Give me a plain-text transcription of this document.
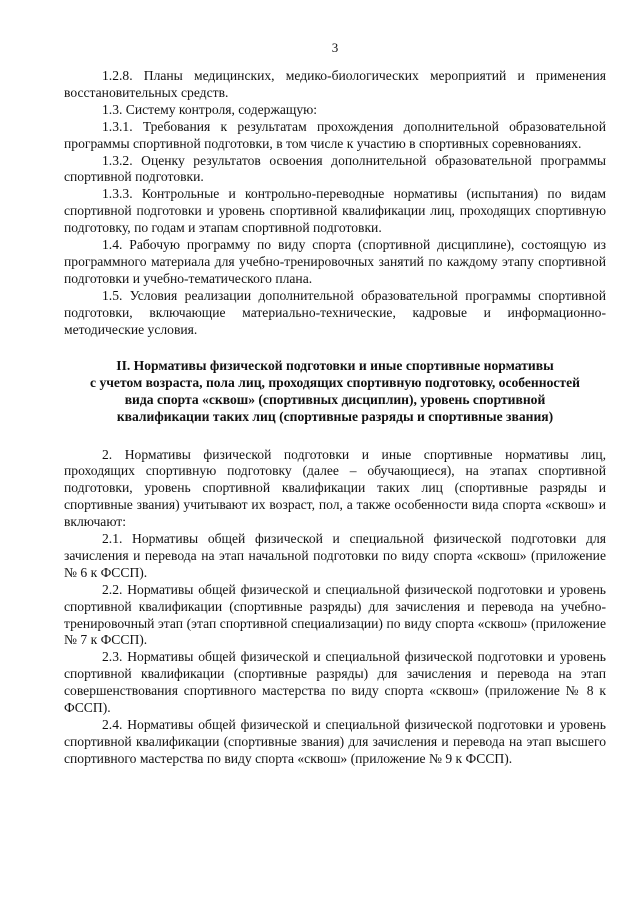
3

1.2.8. Планы медицинских, медико-биологических мероприятий и применения восстановительных средств.

1.3. Систему контроля, содержащую:

1.3.1. Требования к результатам прохождения дополнительной образовательной программы спортивной подготовки, в том числе к участию в спортивных соревнованиях.

1.3.2. Оценку результатов освоения дополнительной образовательной программы спортивной подготовки.

1.3.3. Контрольные и контрольно-переводные нормативы (испытания) по видам спортивной подготовки и уровень спортивной квалификации лиц, проходящих спортивную подготовку, по годам и этапам спортивной подготовки.

1.4. Рабочую программу по виду спорта (спортивной дисциплине), состоящую из программного материала для учебно-тренировочных занятий по каждому этапу спортивной подготовки и учебно-тематического плана.

1.5. Условия реализации дополнительной образовательной программы спортивной подготовки, включающие материально-технические, кадровые и информационно-методические условия.

II. Нормативы физической подготовки и иные спортивные нормативы
с учетом возраста, пола лиц, проходящих спортивную подготовку, особенностей
вида спорта «сквош» (спортивных дисциплин), уровень спортивной
квалификации таких лиц (спортивные разряды и спортивные звания)

2. Нормативы физической подготовки и иные спортивные нормативы лиц, проходящих спортивную подготовку (далее – обучающиеся), на этапах спортивной подготовки, уровень спортивной квалификации таких лиц (спортивные разряды и спортивные звания) учитывают их возраст, пол, а также особенности вида спорта «сквош» и включают:

2.1. Нормативы общей физической и специальной физической подготовки для зачисления и перевода на этап начальной подготовки по виду спорта «сквош» (приложение № 6 к ФССП).

2.2. Нормативы общей физической и специальной физической подготовки и уровень спортивной квалификации (спортивные разряды) для зачисления и перевода на учебно-тренировочный этап (этап спортивной специализации) по виду спорта «сквош» (приложение № 7 к ФССП).

2.3. Нормативы общей физической и специальной физической подготовки и уровень спортивной квалификации (спортивные разряды) для зачисления и перевода на этап совершенствования спортивного мастерства по виду спорта «сквош» (приложение № 8 к ФССП).

2.4. Нормативы общей физической и специальной физической подготовки и уровень спортивной квалификации (спортивные звания) для зачисления и перевода на этап высшего спортивного мастерства по виду спорта «сквош» (приложение № 9 к ФССП).
